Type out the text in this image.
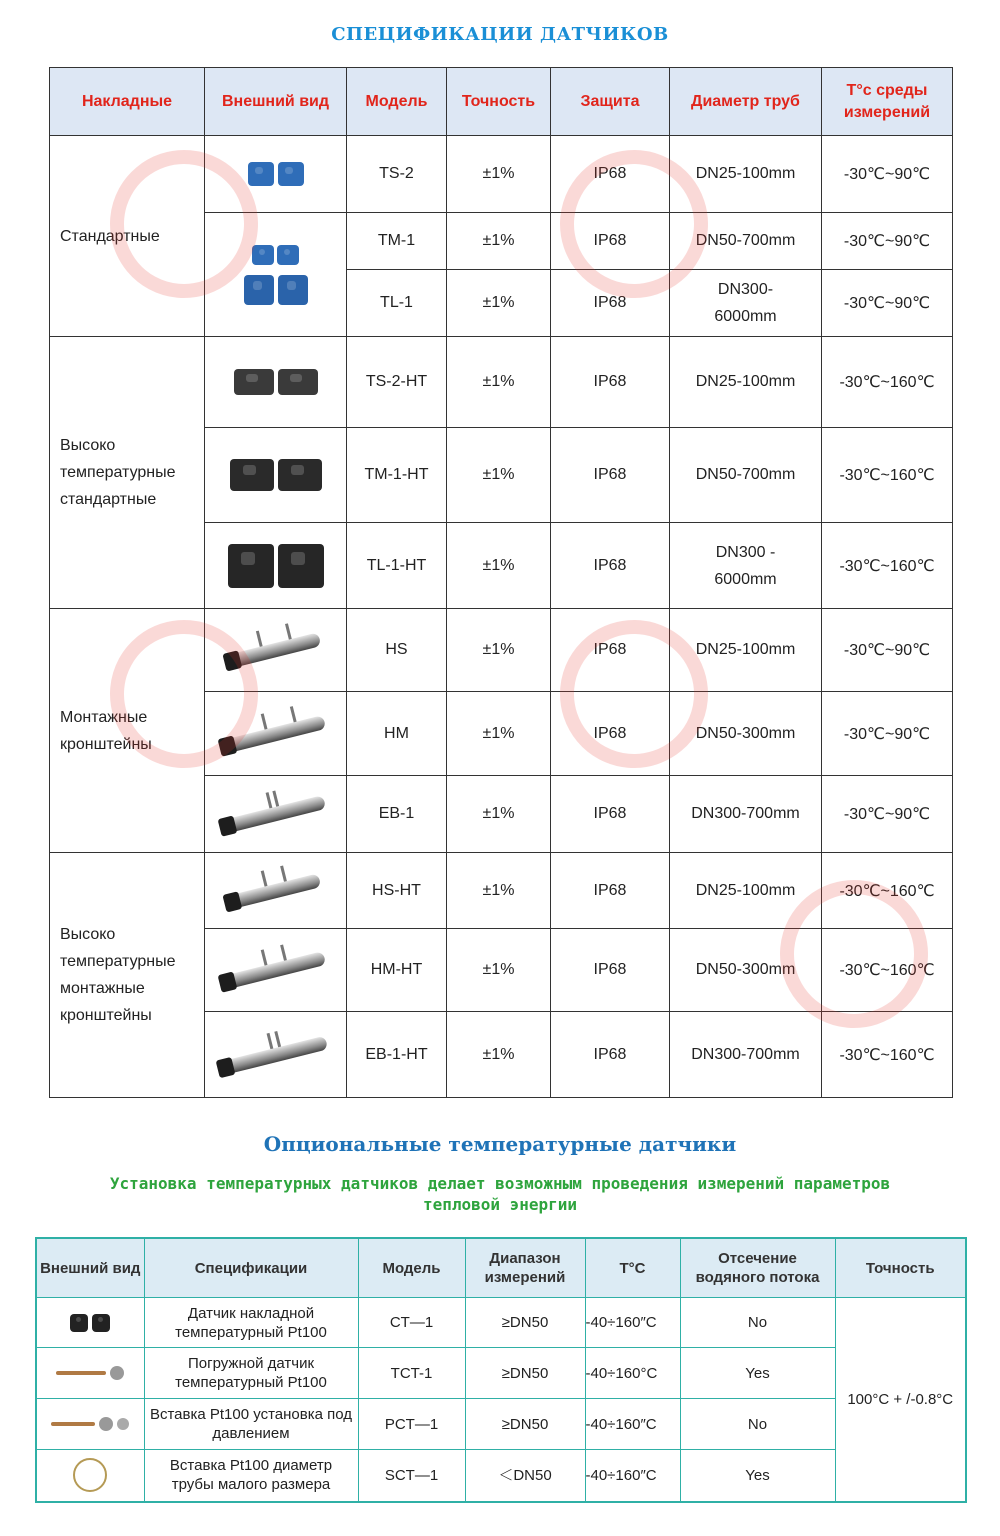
СПЕЦИФИКАЦИИ ДАТЧИКОВ
Накладные	Внешний вид	Модель	Точность	Защита	Диаметр труб	T°c среды измерений
Стандартные		TS-2	±1%	IP68	DN25-100mm	-30℃~90℃

		TM-1	±1%	IP68	DN50-700mm	-30℃~90℃
		TL-1	±1%	IP68	DN300-6000mm	-30℃~90℃
Высоко температурные стандартные		TS-2-HT	±1%	IP68	DN25-100mm	-30℃~160℃

		TM-1-HT	±1%	IP68	DN50-700mm	-30℃~160℃

		TL-1-HT	±1%	IP68	DN300 - 6000mm	-30℃~160℃
Монтажные кронштейны		HS	±1%	IP68	DN25-100mm	-30℃~90℃

		HM	±1%	IP68	DN50-300mm	-30℃~90℃

		EB-1	±1%	IP68	DN300-700mm	-30℃~90℃
Высоко температурные монтажные кронштейны		HS-HT	±1%	IP68	DN25-100mm	-30℃~160℃

		HM-HT	±1%	IP68	DN50-300mm	-30℃~160℃

		EB-1-HT	±1%	IP68	DN300-700mm	-30℃~160℃
Опциональные температурные датчики
Установка температурных датчиков делает возможным проведения измерений параметров тепловой энергии
Внешний вид	Спецификации	Модель	Диапазон измерений	T°C	Отсечение водяного потока	Точность

	Датчик накладной температурный Pt100	CT—1	≥DN50	-40÷160″C	No	100°C + /-0.8°C

	Погружной датчик температурный Pt100	TCT-1	≥DN50	-40÷160°C	Yes	

	Вставка Pt100 установка под давлением	PCT—1	≥DN50	-40÷160″C	No	

	Вставка Pt100 диаметр трубы малого размера	SCT—1	＜DN50	-40÷160″C	Yes	
